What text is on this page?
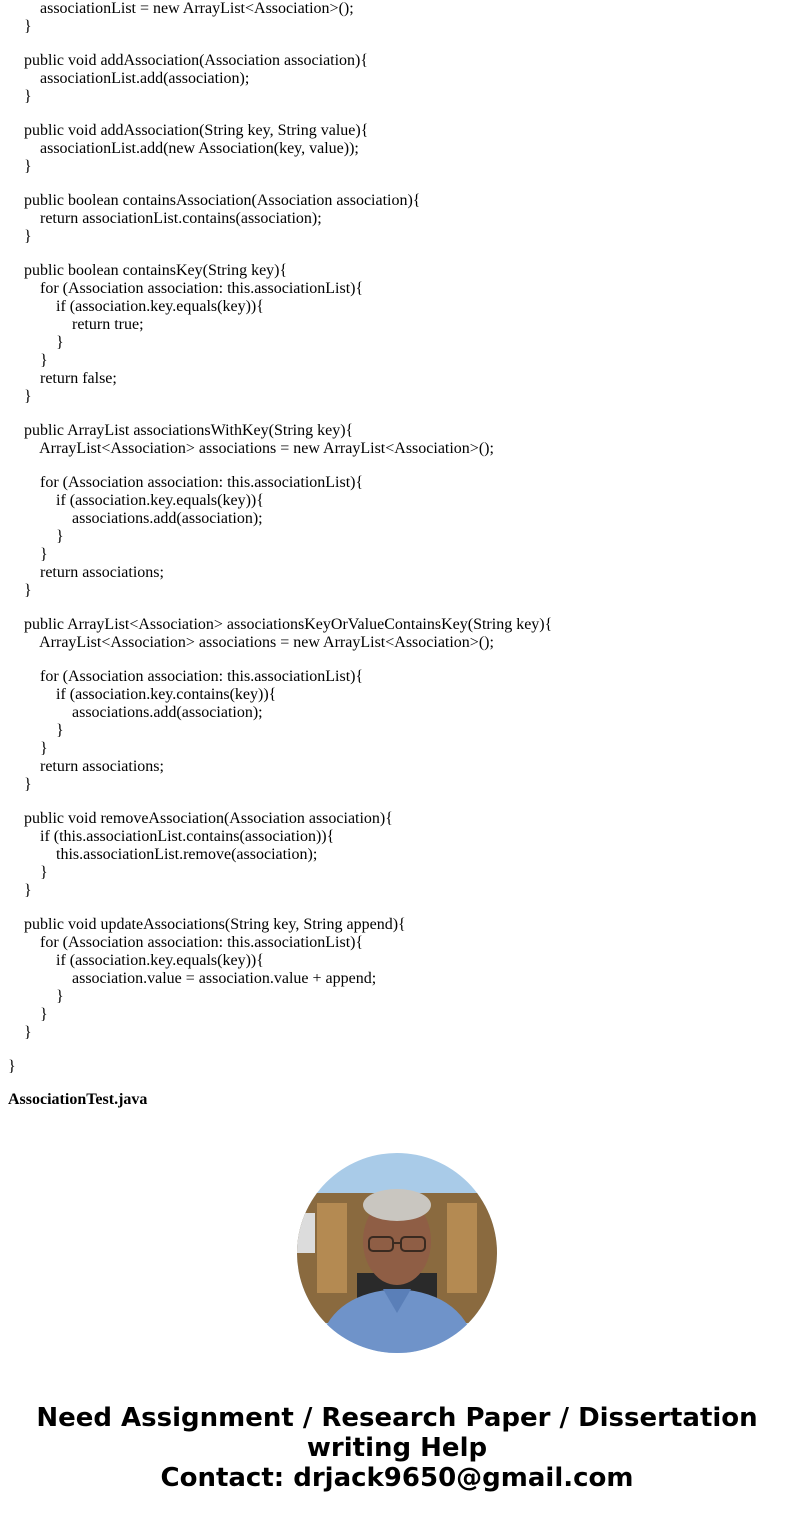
associationList = new ArrayList<Association>();
}
public void addAssociation(Association association){
associationList.add(association);
}
public void addAssociation(String key, String value){
associationList.add(new Association(key, value));
}
public boolean containsAssociation(Association association){
return associationList.contains(association);
}
public boolean containsKey(String key){
for (Association association: this.associationList){
if (association.key.equals(key)){
return true;
}
}
return false;
}
public ArrayList associationsWithKey(String key){
ArrayList<Association> associations = new ArrayList<Association>();
for (Association association: this.associationList){
if (association.key.equals(key)){
associations.add(association);
}
}
return associations;
}
public ArrayList<Association> associationsKeyOrValueContainsKey(String key){
ArrayList<Association> associations = new ArrayList<Association>();
for (Association association: this.associationList){
if (association.key.contains(key)){
associations.add(association);
}
}
return associations;
}
public void removeAssociation(Association association){
if (this.associationList.contains(association)){
this.associationList.remove(association);
}
}
public void updateAssociations(String key, String append){
for (Association association: this.associationList){
if (association.key.equals(key)){
association.value = association.value + append;
}
}
}
}
AssociationTest.java
Need Assignment / Research Paper / Dissertation
writing Help
Contact: drjack9650@gmail.com
